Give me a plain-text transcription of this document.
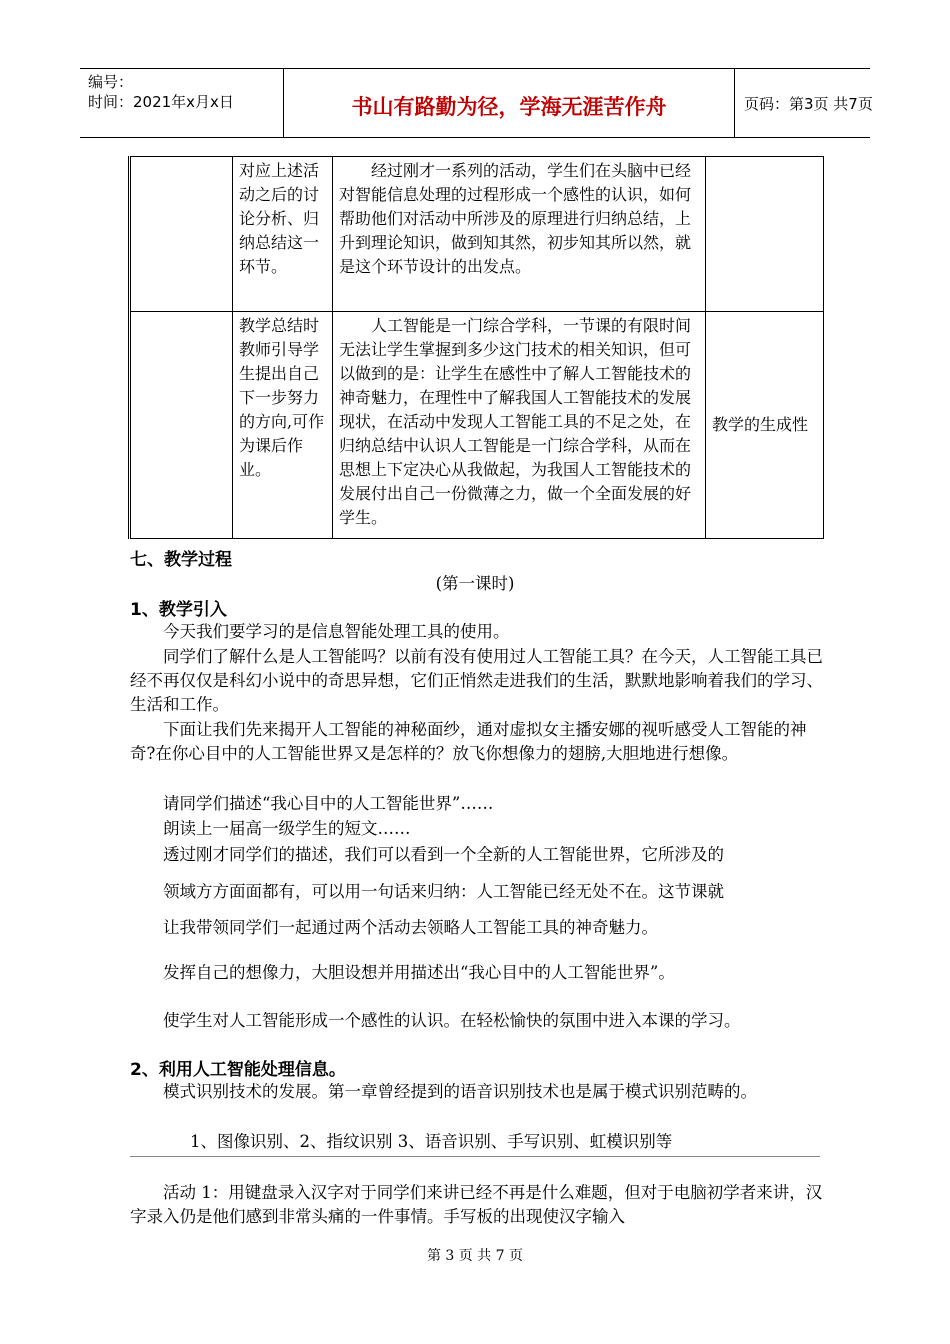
编号：
时间：2021年x月x日	书山有路勤为径，学海无涯苦作舟	页码：第3页 共7页
	对应上述活动之后的讨论分析、归纳总结这一环节。	经过刚才一系列的活动，学生们在头脑中已经对智能信息处理的过程形成一个感性的认识，如何帮助他们对活动中所涉及的原理进行归纳总结，上升到理论知识，做到知其然，初步知其所以然，就是这个环节设计的出发点。	
	教学总结时教师引导学生提出自己下一步努力的方向,可作为课后作业。	人工智能是一门综合学科，一节课的有限时间无法让学生掌握到多少这门技术的相关知识，但可以做到的是：让学生在感性中了解人工智能技术的神奇魅力，在理性中了解我国人工智能技术的发展现状，在活动中发现人工智能工具的不足之处，在归纳总结中认识人工智能是一门综合学科，从而在思想上下定决心从我做起，为我国人工智能技术的发展付出自己一份微薄之力，做一个全面发展的好学生。	教学的生成性
七、教学过程
(第一课时)
1、教学引入
今天我们要学习的是信息智能处理工具的使用。
同学们了解什么是人工智能吗？以前有没有使用过人工智能工具？在今天，人工智能工具已经不再仅仅是科幻小说中的奇思异想，它们正悄然走进我们的生活，默默地影响着我们的学习、生活和工作。
下面让我们先来揭开人工智能的神秘面纱，通对虚拟女主播安娜的视听感受人工智能的神奇?在你心目中的人工智能世界又是怎样的？放飞你想像力的翅膀,大胆地进行想像。
请同学们描述“我心目中的人工智能世界”……
朗读上一届高一级学生的短文……
透过刚才同学们的描述，我们可以看到一个全新的人工智能世界，它所涉及的
领域方方面面都有，可以用一句话来归纳：人工智能已经无处不在。这节课就
让我带领同学们一起通过两个活动去领略人工智能工具的神奇魅力。
发挥自己的想像力，大胆设想并用描述出“我心目中的人工智能世界”。
使学生对人工智能形成一个感性的认识。在轻松愉快的氛围中进入本课的学习。
2、利用人工智能处理信息。
模式识别技术的发展。第一章曾经提到的语音识别技术也是属于模式识别范畴的。
1、图像识别、2、指纹识别 3、语音识别、手写识别、虹模识别等
活动 1：用键盘录入汉字对于同学们来讲已经不再是什么难题，但对于电脑初学者来讲，汉字录入仍是他们感到非常头痛的一件事情。手写板的出现使汉字输入
第 3 页 共 7 页
